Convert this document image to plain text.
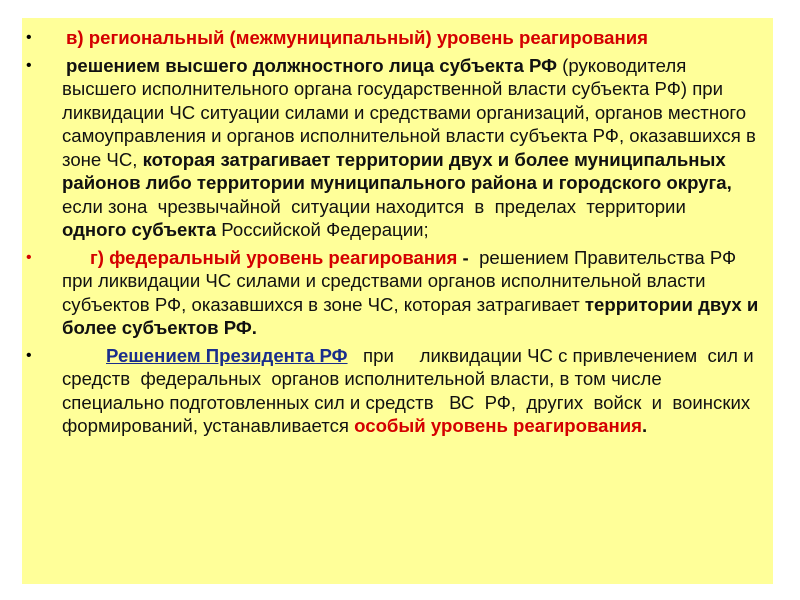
• в) региональный (межмуниципальный) уровень реагирования
• решением высшего должностного лица субъекта РФ (руководителя высшего исполнительного органа государственной власти субъекта РФ) при ликвидации ЧС ситуации силами и средствами организаций, органов местного самоуправления и органов исполнительной власти субъекта РФ, оказавшихся в зоне ЧС, которая затрагивает территории двух и более муниципальных районов либо территории муниципального района и городского округа,    если зона  чрезвычайной  ситуации находится  в  пределах  территории   одного субъекта Российской Федерации;
•	г) федеральный уровень реагирования -  решением Правительства РФ при ликвидации ЧС силами и средствами органов исполнительной власти субъектов РФ, оказавшихся в зоне ЧС, которая затрагивает территории двух и более субъектов РФ.
•	Решением Президента РФ   при     ликвидации ЧС с привлечением  сил и средств  федеральных  органов исполнительной власти, в том числе специально подготовленных сил и средств   ВС  РФ,  других  войск  и  воинских формирований, устанавливается особый уровень реагирования.
